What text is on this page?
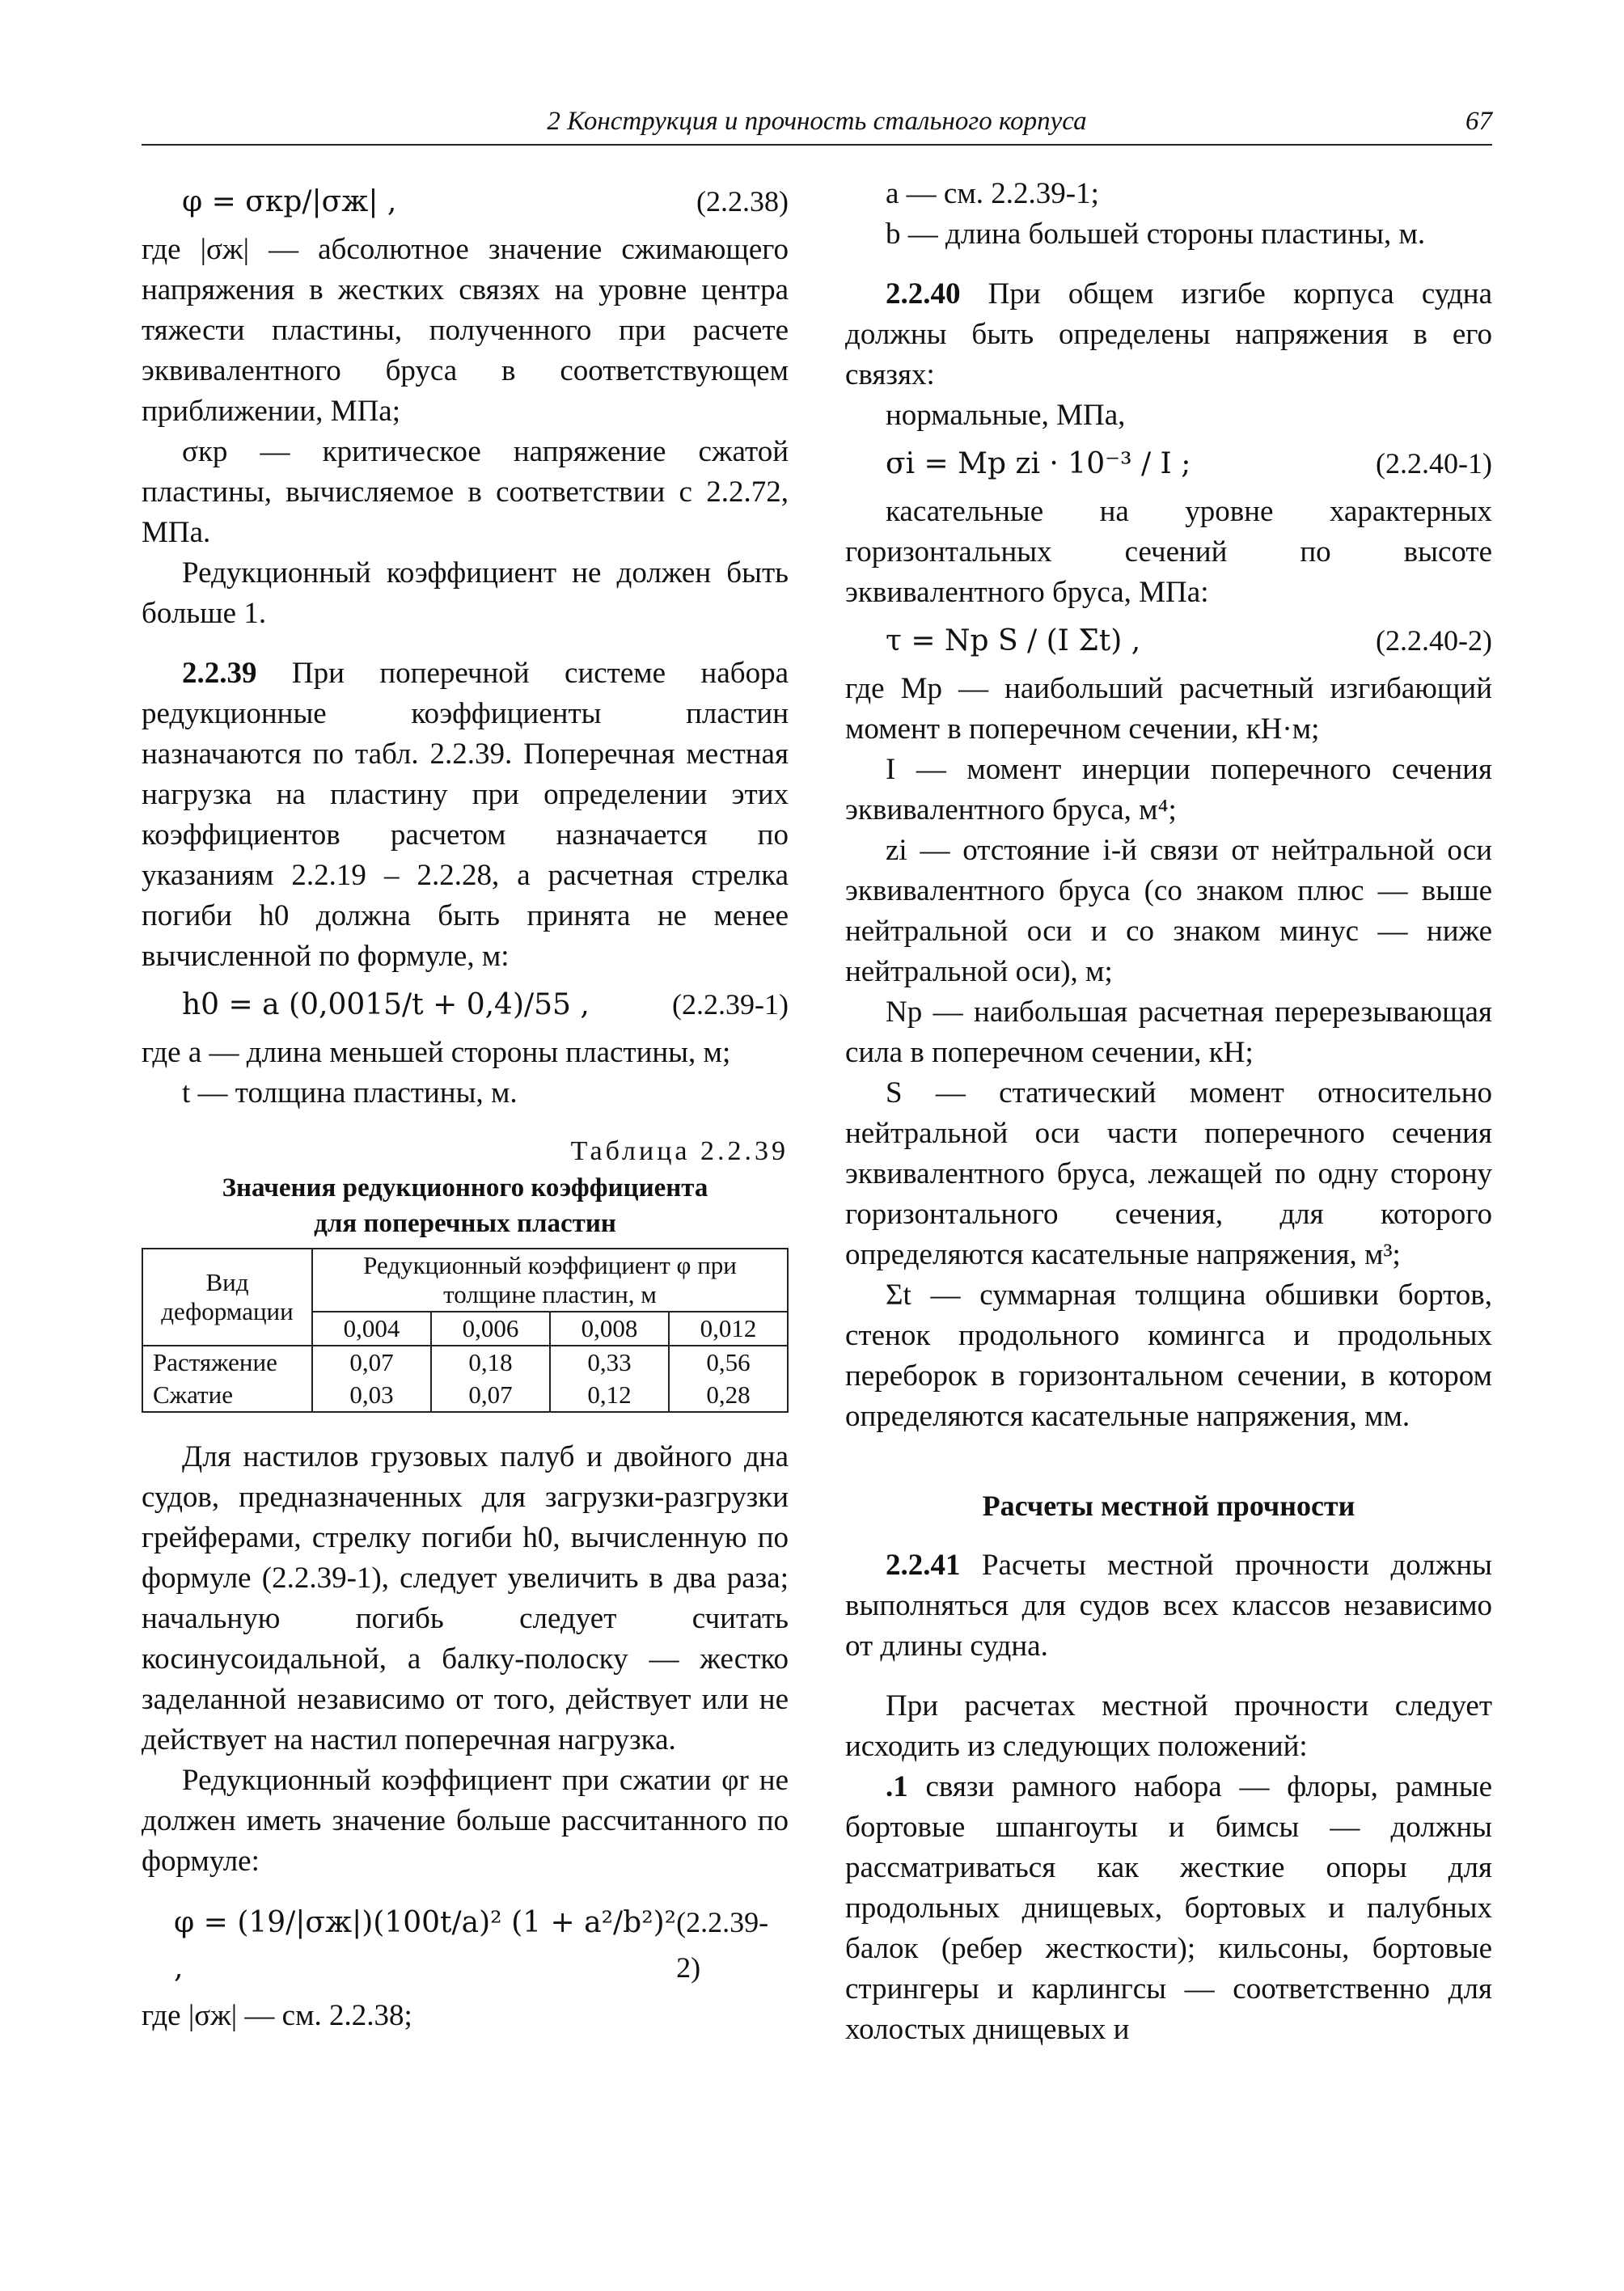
2 Конструкция и прочность стального корпуса	67
φ = σкр/|σж| ,	(2.2.38)

где |σж| — абсолютное значение сжимающего напряжения в жестких связях на уровне центра тяжести пластины, полученного при расчете эквивалентного бруса в соответствующем приближении, МПа;

σкр — критическое напряжение сжатой пластины, вычисляемое в соответствии с 2.2.72, МПа.

Редукционный коэффициент не должен быть больше 1.

2.2.39 При поперечной системе набора редукционные коэффициенты пластин назначаются по табл. 2.2.39. Поперечная местная нагрузка на пластину при определении этих коэффициентов расчетом назначается по указаниям 2.2.19 – 2.2.28, а расчетная стрелка погиби h0 должна быть принята не менее вычисленной по формуле, м:

h0 = a (0,0015/t + 0,4)/55 ,	(2.2.39-1)

где a — длина меньшей стороны пластины, м;

t — толщина пластины, м.

Таблица 2.2.39
Значения редукционного коэффициента
для поперечных пластин
Вид деформации	Редукционный коэффициент φ при толщине пластин, м			
	0,004	0,006	0,008	0,012
Растяжение	0,07	0,18	0,33	0,56
Сжатие	0,03	0,07	0,12	0,28

Для настилов грузовых палуб и двойного дна судов, предназначенных для загрузки-разгрузки грейферами, стрелку погиби h0, вычисленную по формуле (2.2.39-1), следует увеличить в два раза; начальную погибь следует считать косинусоидальной, а балку-полоску — жестко заделанной независимо от того, действует или не действует на настил поперечная нагрузка.

Редукционный коэффициент при сжатии φr не должен иметь значение больше рассчитанного по формуле:

φ = (19/|σж|)(100t/a)² (1 + a²/b²)² ,
(2.2.39-2)

где |σж| — см. 2.2.38;

a — см. 2.2.39-1;

b — длина большей стороны пластины, м.

2.2.40 При общем изгибе корпуса судна должны быть определены напряжения в его связях:

нормальные, МПа,

σi = Mp zi · 10⁻³ / I ;	(2.2.40-1)

касательные на уровне характерных горизонтальных сечений по высоте эквивалентного бруса, МПа:

τ = Np S / (I Σt) ,	(2.2.40-2)

где Mp — наибольший расчетный изгибающий момент в поперечном сечении, кН·м;

I — момент инерции поперечного сечения эквивалентного бруса, м⁴;

zi — отстояние i-й связи от нейтральной оси эквивалентного бруса (со знаком плюс — выше нейтральной оси и со знаком минус — ниже нейтральной оси), м;

Np — наибольшая расчетная перерезывающая сила в поперечном сечении, кН;

S — статический момент относительно нейтральной оси части поперечного сечения эквивалентного бруса, лежащей по одну сторону горизонтального сечения, для которого определяются касательные напряжения, м³;

Σt — суммарная толщина обшивки бортов, стенок продольного комингса и продольных переборок в горизонтальном сечении, в котором определяются касательные напряжения, мм.

Расчеты местной прочности

2.2.41 Расчеты местной прочности должны выполняться для судов всех классов независимо от длины судна.

При расчетах местной прочности следует исходить из следующих положений:

.1 связи рамного набора — флоры, рамные бортовые шпангоуты и бимсы — должны рассматриваться как жесткие опоры для продольных днищевых, бортовых и палубных балок (ребер жесткости); кильсоны, бортовые стрингеры и карлингсы — соответственно для холостых днищевых и
